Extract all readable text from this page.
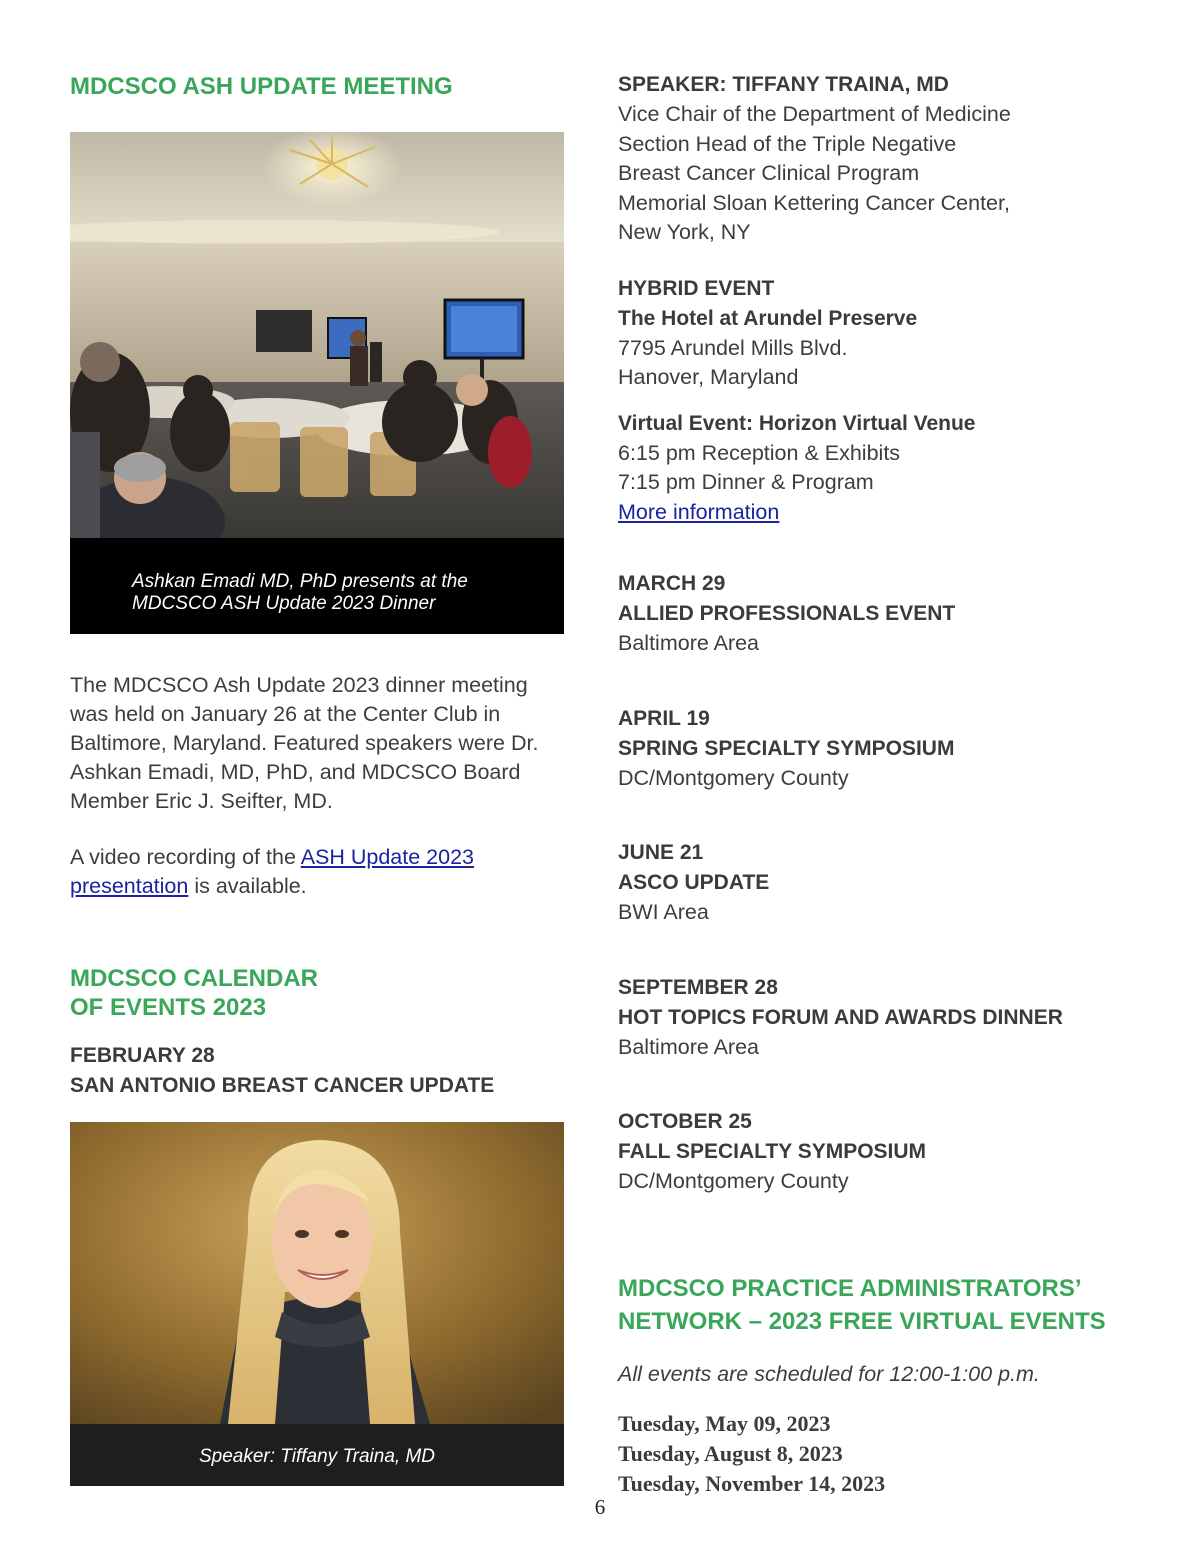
MDCSCO ASH UPDATE MEETING
Ashkan Emadi MD, PhD presents at the
MDCSCO ASH Update 2023 Dinner

The MDCSCO Ash Update 2023 dinner meeting

was held on January 26 at the Center Club in

Baltimore, Maryland. Featured speakers were Dr.

Ashkan Emadi, MD, PhD, and MDCSCO Board

Member Eric J. Seifter, MD.

A video recording of the ASH Update 2023

presentation is available.

MDCSCO CALENDAR
OF EVENTS 2023

FEBRUARY 28

SAN ANTONIO BREAST CANCER UPDATE

Speaker: Tiffany Traina, MD

SPEAKER: TIFFANY TRAINA, MD

Vice Chair of the Department of Medicine

Section Head of the Triple Negative

Breast Cancer Clinical Program

Memorial Sloan Kettering Cancer Center,

New York, NY

HYBRID EVENT

The Hotel at Arundel Preserve

7795 Arundel Mills Blvd.

Hanover, Maryland

Virtual Event: Horizon Virtual Venue

6:15 pm Reception & Exhibits

7:15 pm Dinner & Program

More information

MARCH 29

ALLIED PROFESSIONALS EVENT

Baltimore Area

APRIL 19

SPRING SPECIALTY SYMPOSIUM

DC/Montgomery County

JUNE 21

ASCO UPDATE

BWI Area

SEPTEMBER 28

HOT TOPICS FORUM AND AWARDS DINNER

Baltimore Area

OCTOBER 25

FALL SPECIALTY SYMPOSIUM

DC/Montgomery County

MDCSCO PRACTICE ADMINISTRATORS’
NETWORK – 2023 FREE VIRTUAL EVENTS

All events are scheduled for 12:00-1:00 p.m.

Tuesday, May 09, 2023

Tuesday, August 8, 2023

Tuesday, November 14, 2023

6
